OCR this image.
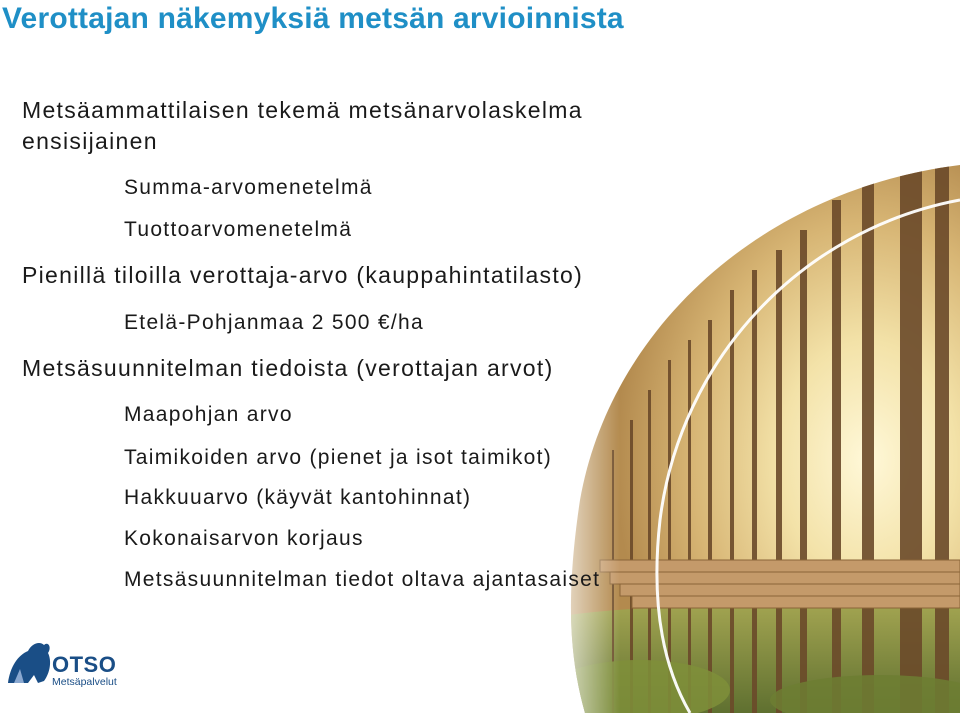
Verottajan näkemyksiä metsän arvioinnista
Metsäammattilaisen tekemä metsänarvolaskelma
ensisijainen
Summa-arvomenetelmä
Tuottoarvomenetelmä
Pienillä tiloilla verottaja-arvo (kauppahintatilasto)
Etelä-Pohjanmaa 2 500 €/ha
Metsäsuunnitelman tiedoista (verottajan arvot)
Maapohjan arvo
Taimikoiden arvo (pienet ja isot taimikot)
Hakkuuarvo (käyvät kantohinnat)
Kokonaisarvon korjaus
Metsäsuunnitelman tiedot oltava ajantasaiset
OTSO
Metsäpalvelut
